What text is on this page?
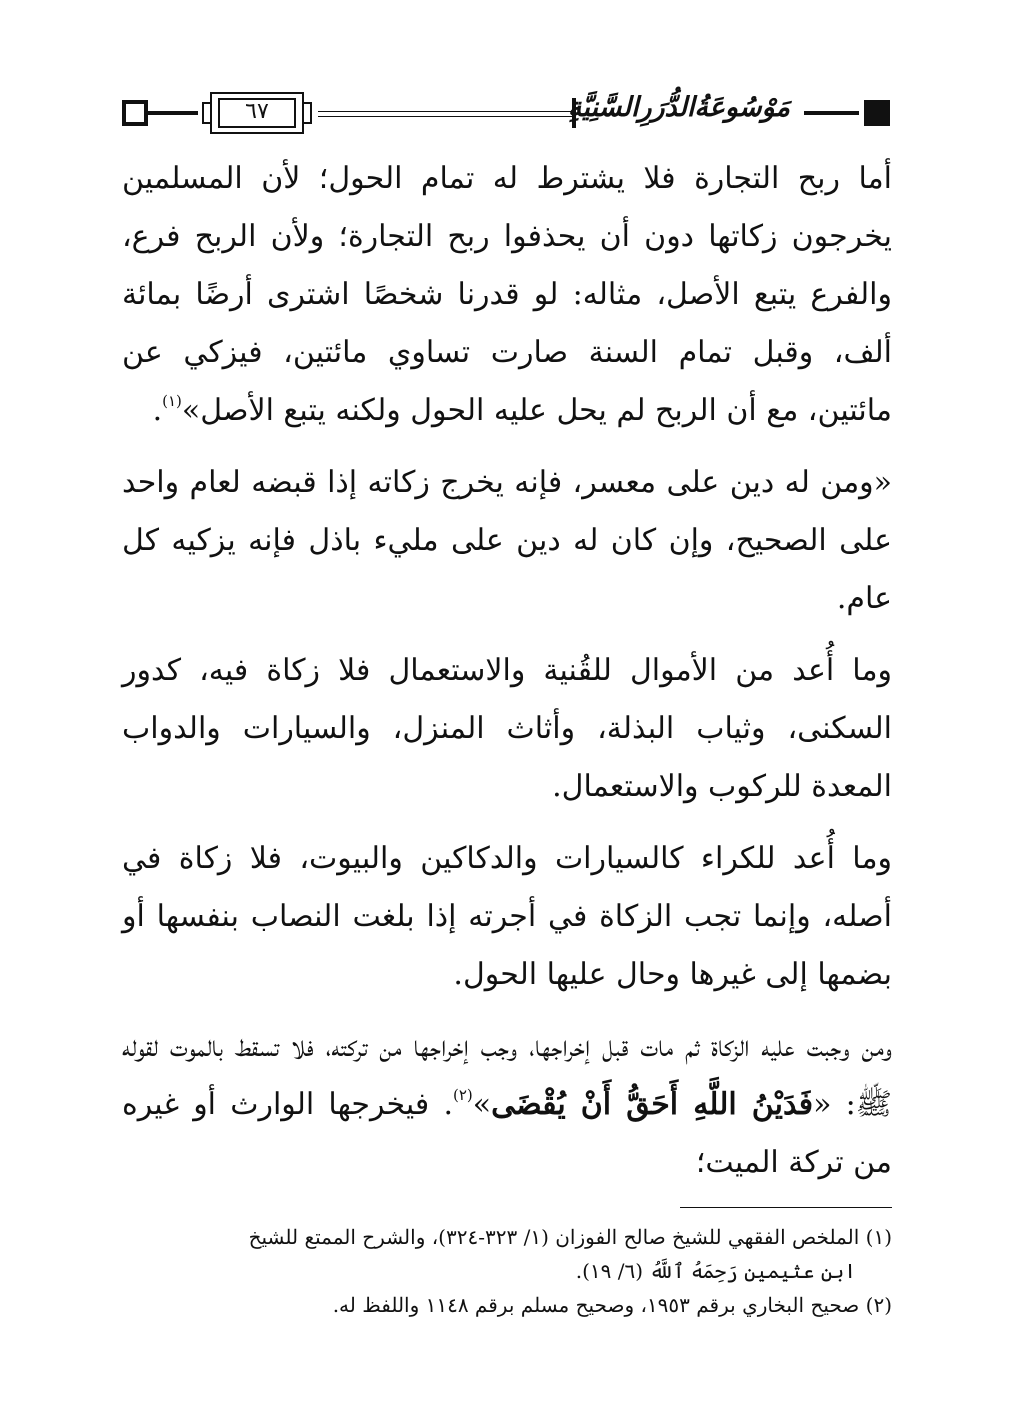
٦٧	مَوْسُوعَةُالدُّرَرِالسَّنِيَّةِ

أما ربح التجارة فلا يشترط له تمام الحول؛ لأن المسلمين يخرجون زكاتها دون أن يحذفوا ربح التجارة؛ ولأن الربح فرع، والفرع يتبع الأصل، مثاله: لو قدرنا شخصًا اشترى أرضًا بمائة ألف، وقبل تمام السنة صارت تساوي مائتين، فيزكي عن مائتين، مع أن الربح لم يحل عليه الحول ولكنه يتبع الأصل»$^{(١)}$.

«ومن له دين على معسر، فإنه يخرج زكاته إذا قبضه لعام واحد على الصحيح، وإن كان له دين على مليء باذل فإنه يزكيه كل عام.

وما أُعد من الأموال للقُنية والاستعمال فلا زكاة فيه، كدور السكنى، وثياب البذلة، وأثاث المنزل، والسيارات والدواب المعدة للركوب والاستعمال.

وما أُعد للكراء كالسيارات والدكاكين والبيوت، فلا زكاة في أصله، وإنما تجب الزكاة في أجرته إذا بلغت النصاب بنفسها أو بضمها إلى غيرها وحال عليها الحول.

ومن وجبت عليه الزكاة ثم مات قبل إخراجها، وجب إخراجها من تركته، فلا تسقط بالموت لقوله ﷺ: «فَدَيْنُ اللَّهِ أَحَقُّ أَنْ يُقْضَى»$^{(٢)}$. فيخرجها الوارث أو غيره من تركة الميت؛

(١) الملخص الفقهي للشيخ صالح الفوزان (١/ ٣٢٣-٣٢٤)، والشرح الممتع للشيخ
ابن عثيمين رَحِمَهُ ٱللَّهُ (٦/ ١٩).

(٢) صحيح البخاري برقم ١٩٥٣، وصحيح مسلم برقم ١١٤٨ واللفظ له.
